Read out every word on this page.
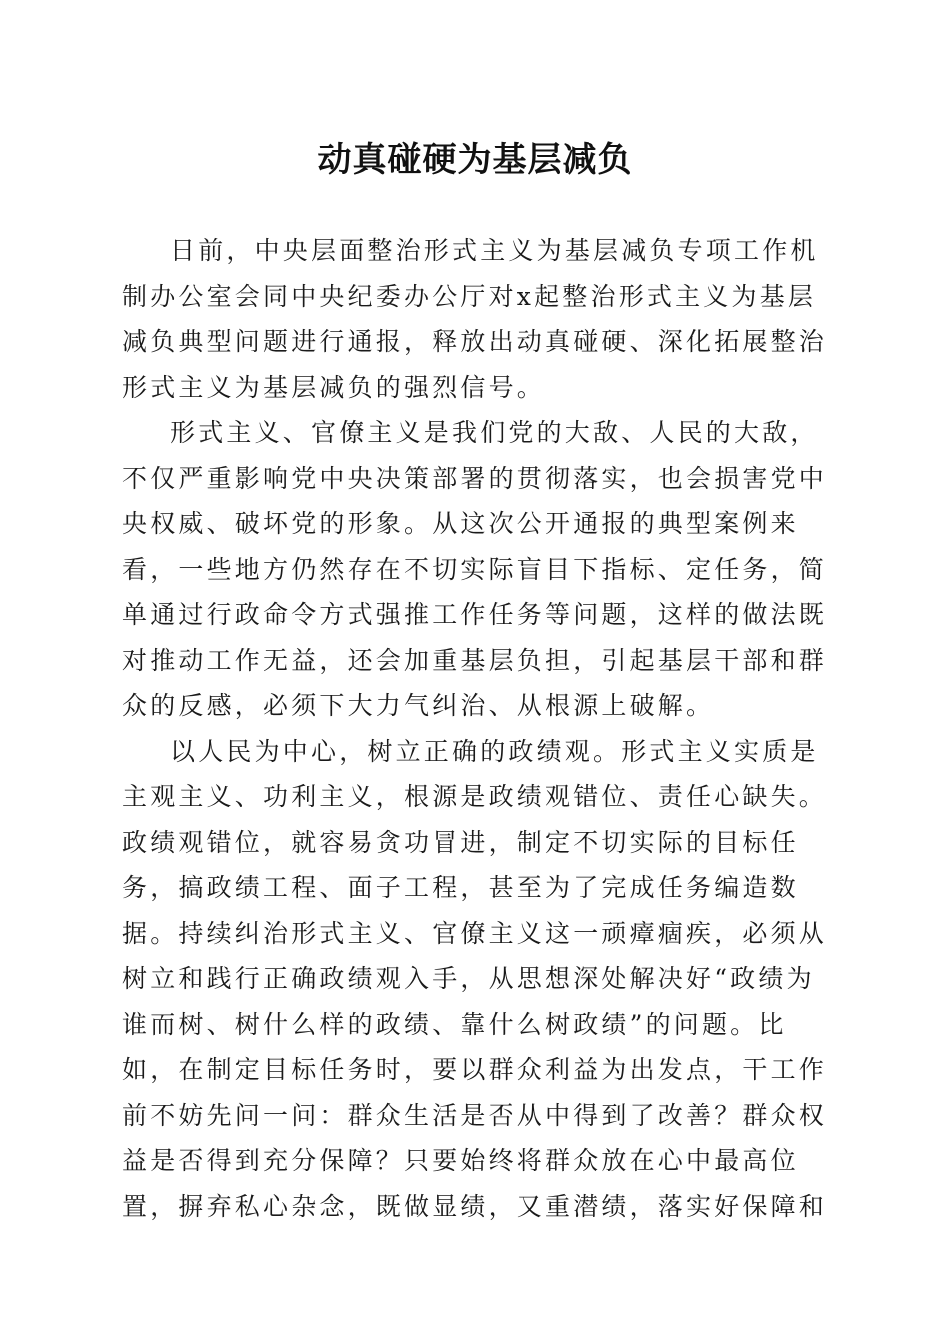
动真碰硬为基层减负

日前，中央层面整治形式主义为基层减负专项工作机制办公室会同中央纪委办公厅对x起整治形式主义为基层减负典型问题进行通报，释放出动真碰硬、深化拓展整治形式主义为基层减负的强烈信号。

形式主义、官僚主义是我们党的大敌、人民的大敌，不仅严重影响党中央决策部署的贯彻落实，也会损害党中央权威、破坏党的形象。从这次公开通报的典型案例来看，一些地方仍然存在不切实际盲目下指标、定任务，简单通过行政命令方式强推工作任务等问题，这样的做法既对推动工作无益，还会加重基层负担，引起基层干部和群众的反感，必须下大力气纠治、从根源上破解。

以人民为中心，树立正确的政绩观。形式主义实质是主观主义、功利主义，根源是政绩观错位、责任心缺失。政绩观错位，就容易贪功冒进，制定不切实际的目标任务，搞政绩工程、面子工程，甚至为了完成任务编造数据。持续纠治形式主义、官僚主义这一顽瘴痼疾，必须从树立和践行正确政绩观入手，从思想深处解决好“政绩为谁而树、树什么样的政绩、靠什么树政绩”的问题。比如，在制定目标任务时，要以群众利益为出发点，干工作前不妨先问一问：群众生活是否从中得到了改善？群众权益是否得到充分保障？只要始终将群众放在心中最高位置，摒弃私心杂念，既做显绩，又重潜绩，落实好保障和
